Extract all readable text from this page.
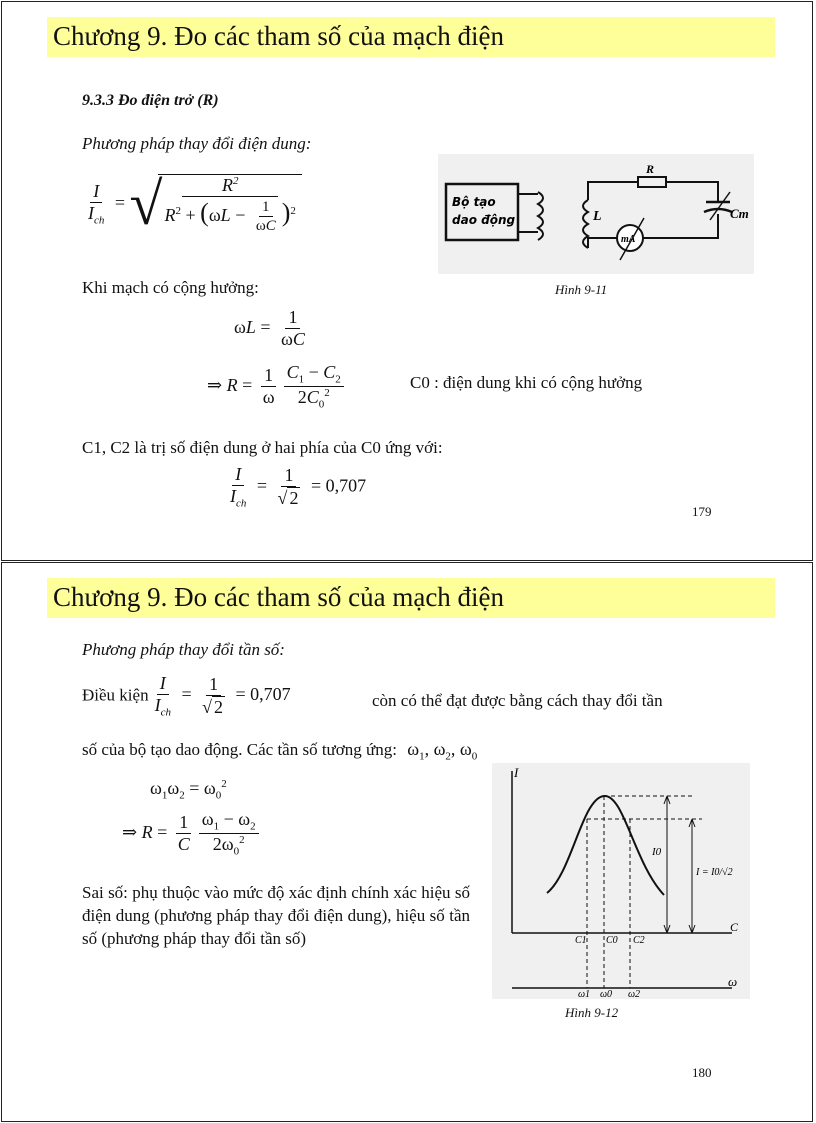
Chương 9. Đo các tham số của mạch điện
9.3.3 Đo điện trở (R)
Phương pháp thay đổi điện dung:
$\frac{I}{I_{ch}}$ = √ $\frac{R^2}{R^2 + (\omega L - \frac{1}{\omega C} )^2}$	Bộ tạo
dao động	L
R
Cm
mA
Khi mạch có cộng hưởng:	Hình 9-11
$\omega L = \frac{1}{\omega C}$
⇒ $R = \frac{1}{\omega} \frac{C_1 - C_2}{2C_0^2}$	C0 : điện dung khi có cộng hưởng
C1, C2 là trị số điện dung ở hai phía của C0 ứng với:
$\frac{I}{I_{ch}} = \frac{1}{√ 2} = 0,707$
179
Chương 9. Đo các tham số của mạch điện
Phương pháp thay đổi tần số:
Điều kiện $\frac{I}{I_{ch}} = \frac{1}{√ 2} = 0,707$	còn có thể đạt được bằng cách thay đổi tần
số của bộ tạo dao động. Các tần số tương ứng: $\omega_1$, $\omega_2$, $\omega_0$
$\omega_1\omega_2 = \omega_0^2$
⇒ $R = \frac{1}{C} \frac{\omega_1 - \omega_2}{2\omega_0^2}$
Sai số: phụ thuộc vào mức độ xác định chính xác hiệu số điện dung (phương pháp thay đổi điện dung), hiệu số tần số (phương pháp thay đổi tần số)
I
C
I0
I = I0/√2
C1 C0 C2
ω
ω1 ω0 ω2
Hình 9-12
180
